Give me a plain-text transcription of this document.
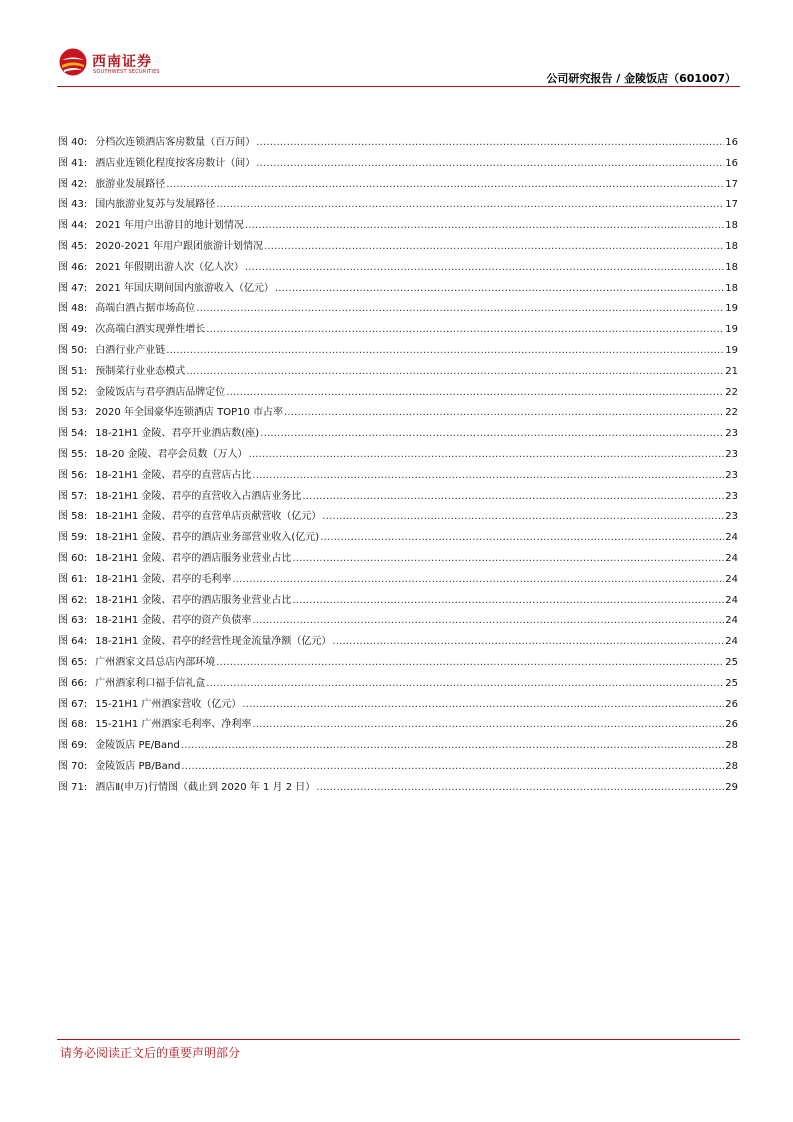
西南证券
SOUTHWEST SECURITIES	公司研究报告 / 金陵饭店（601007）
图 40: 分档次连锁酒店客房数量（百万间） .....	16
图 41: 酒店业连锁化程度按客房数计（间） .....	16
图 42: 旅游业发展路径 .....	17
图 43: 国内旅游业复苏与发展路径 .....	17
图 44: 2021 年用户出游目的地计划情况 .....	18
图 45: 2020-2021 年用户跟团旅游计划情况 .....	18
图 46: 2021 年假期出游人次（亿人次） .....	18
图 47: 2021 年国庆期间国内旅游收入（亿元） .....	18
图 48: 高端白酒占据市场高位 .....	19
图 49: 次高端白酒实现弹性增长 .....	19
图 50: 白酒行业产业链 .....	19
图 51: 预制菜行业业态模式 .....	21
图 52: 金陵饭店与君亭酒店品牌定位 .....	22
图 53: 2020 年全国豪华连锁酒店 TOP10 市占率 .....	22
图 54: 18-21H1 金陵、君亭开业酒店数(座) .....	23
图 55: 18-20 金陵、君亭会员数（万人） .....	23
图 56: 18-21H1 金陵、君亭的直营店占比 .....	23
图 57: 18-21H1 金陵、君亭的直营收入占酒店业务比 .....	23
图 58: 18-21H1 金陵、君亭的直营单店贡献营收（亿元） .....	23
图 59: 18-21H1 金陵、君亭的酒店业务部营业收入(亿元) .....	24
图 60: 18-21H1 金陵、君亭的酒店服务业营业占比 .....	24
图 61: 18-21H1 金陵、君亭的毛利率 .....	24
图 62: 18-21H1 金陵、君亭的酒店服务业营业占比 .....	24
图 63: 18-21H1 金陵、君亭的资产负债率 .....	24
图 64: 18-21H1 金陵、君亭的经营性现金流量净额（亿元） .....	24
图 65: 广州酒家文昌总店内部环境 .....	25
图 66: 广州酒家利口福手信礼盒 .....	25
图 67: 15-21H1 广州酒家营收（亿元） .....	26
图 68: 15-21H1 广州酒家毛利率、净利率 .....	26
图 69: 金陵饭店 PE/Band .....	28
图 70: 金陵饭店 PB/Band .....	28
图 71: 酒店Ⅱ(申万)行情图（截止到 2020 年 1 月 2 日） .....	29
请务必阅读正文后的重要声明部分
